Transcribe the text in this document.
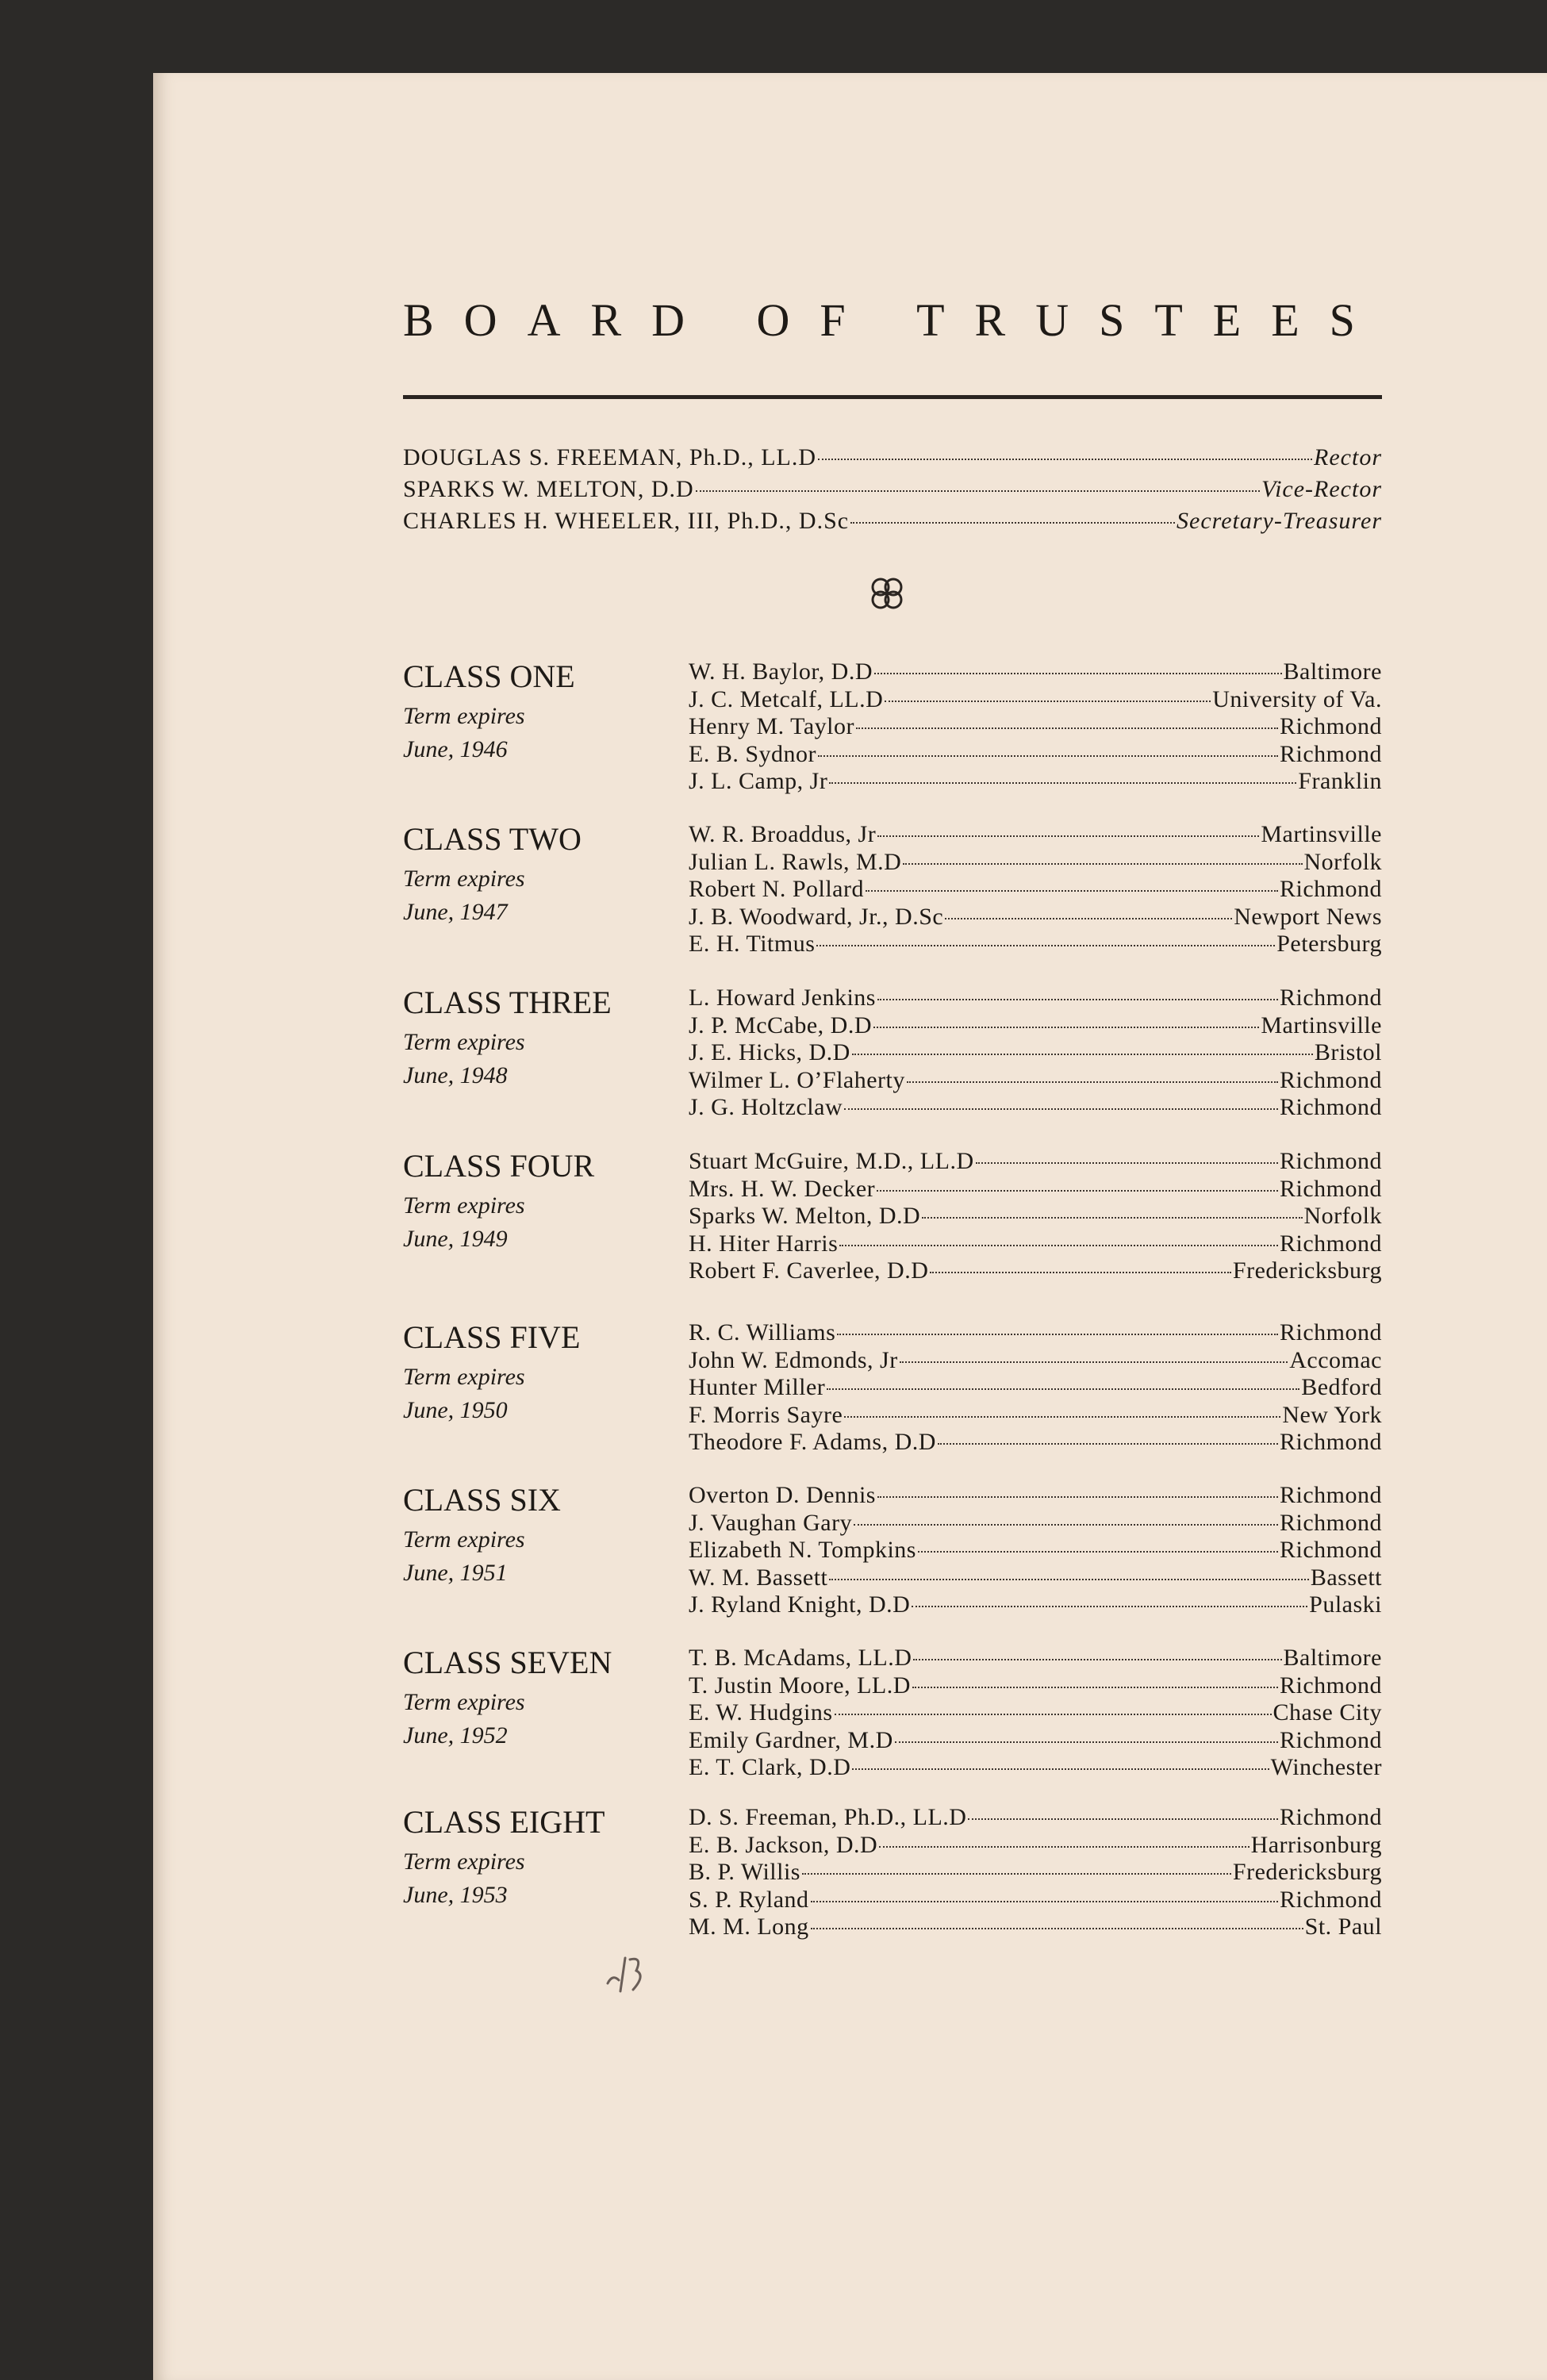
BOARD OF TRUSTEES
DOUGLAS S. FREEMAN, Ph.D., LL.D	Rector
SPARKS W. MELTON, D.D	Vice-Rector
CHARLES H. WHEELER, III, Ph.D., D.Sc	Secretary-Treasurer
CLASS ONE
Term expires
June, 1946
W. H. Baylor, D.D	Baltimore
J. C. Metcalf, LL.D	University of Va.
Henry M. Taylor	Richmond
E. B. Sydnor	Richmond
J. L. Camp, Jr	Franklin
CLASS TWO
Term expires
June, 1947
W. R. Broaddus, Jr	Martinsville
Julian L. Rawls, M.D	Norfolk
Robert N. Pollard	Richmond
J. B. Woodward, Jr., D.Sc	Newport News
E. H. Titmus	Petersburg
CLASS THREE
Term expires
June, 1948
L. Howard Jenkins	Richmond
J. P. McCabe, D.D	Martinsville
J. E. Hicks, D.D	Bristol
Wilmer L. O’Flaherty	Richmond
J. G. Holtzclaw	Richmond
CLASS FOUR
Term expires
June, 1949
Stuart McGuire, M.D., LL.D	Richmond
Mrs. H. W. Decker	Richmond
Sparks W. Melton, D.D	Norfolk
H. Hiter Harris	Richmond
Robert F. Caverlee, D.D	Fredericksburg
CLASS FIVE
Term expires
June, 1950
R. C. Williams	Richmond
John W. Edmonds, Jr	Accomac
Hunter Miller	Bedford
F. Morris Sayre	New York
Theodore F. Adams, D.D	Richmond
CLASS SIX
Term expires
June, 1951
Overton D. Dennis	Richmond
J. Vaughan Gary	Richmond
Elizabeth N. Tompkins	Richmond
W. M. Bassett	Bassett
J. Ryland Knight, D.D	Pulaski
CLASS SEVEN
Term expires
June, 1952
T. B. McAdams, LL.D	Baltimore
T. Justin Moore, LL.D	Richmond
E. W. Hudgins	Chase City
Emily Gardner, M.D	Richmond
E. T. Clark, D.D	Winchester
CLASS EIGHT
Term expires
June, 1953
D. S. Freeman, Ph.D., LL.D	Richmond
E. B. Jackson, D.D	Harrisonburg
B. P. Willis	Fredericksburg
S. P. Ryland	Richmond
M. M. Long	St. Paul
